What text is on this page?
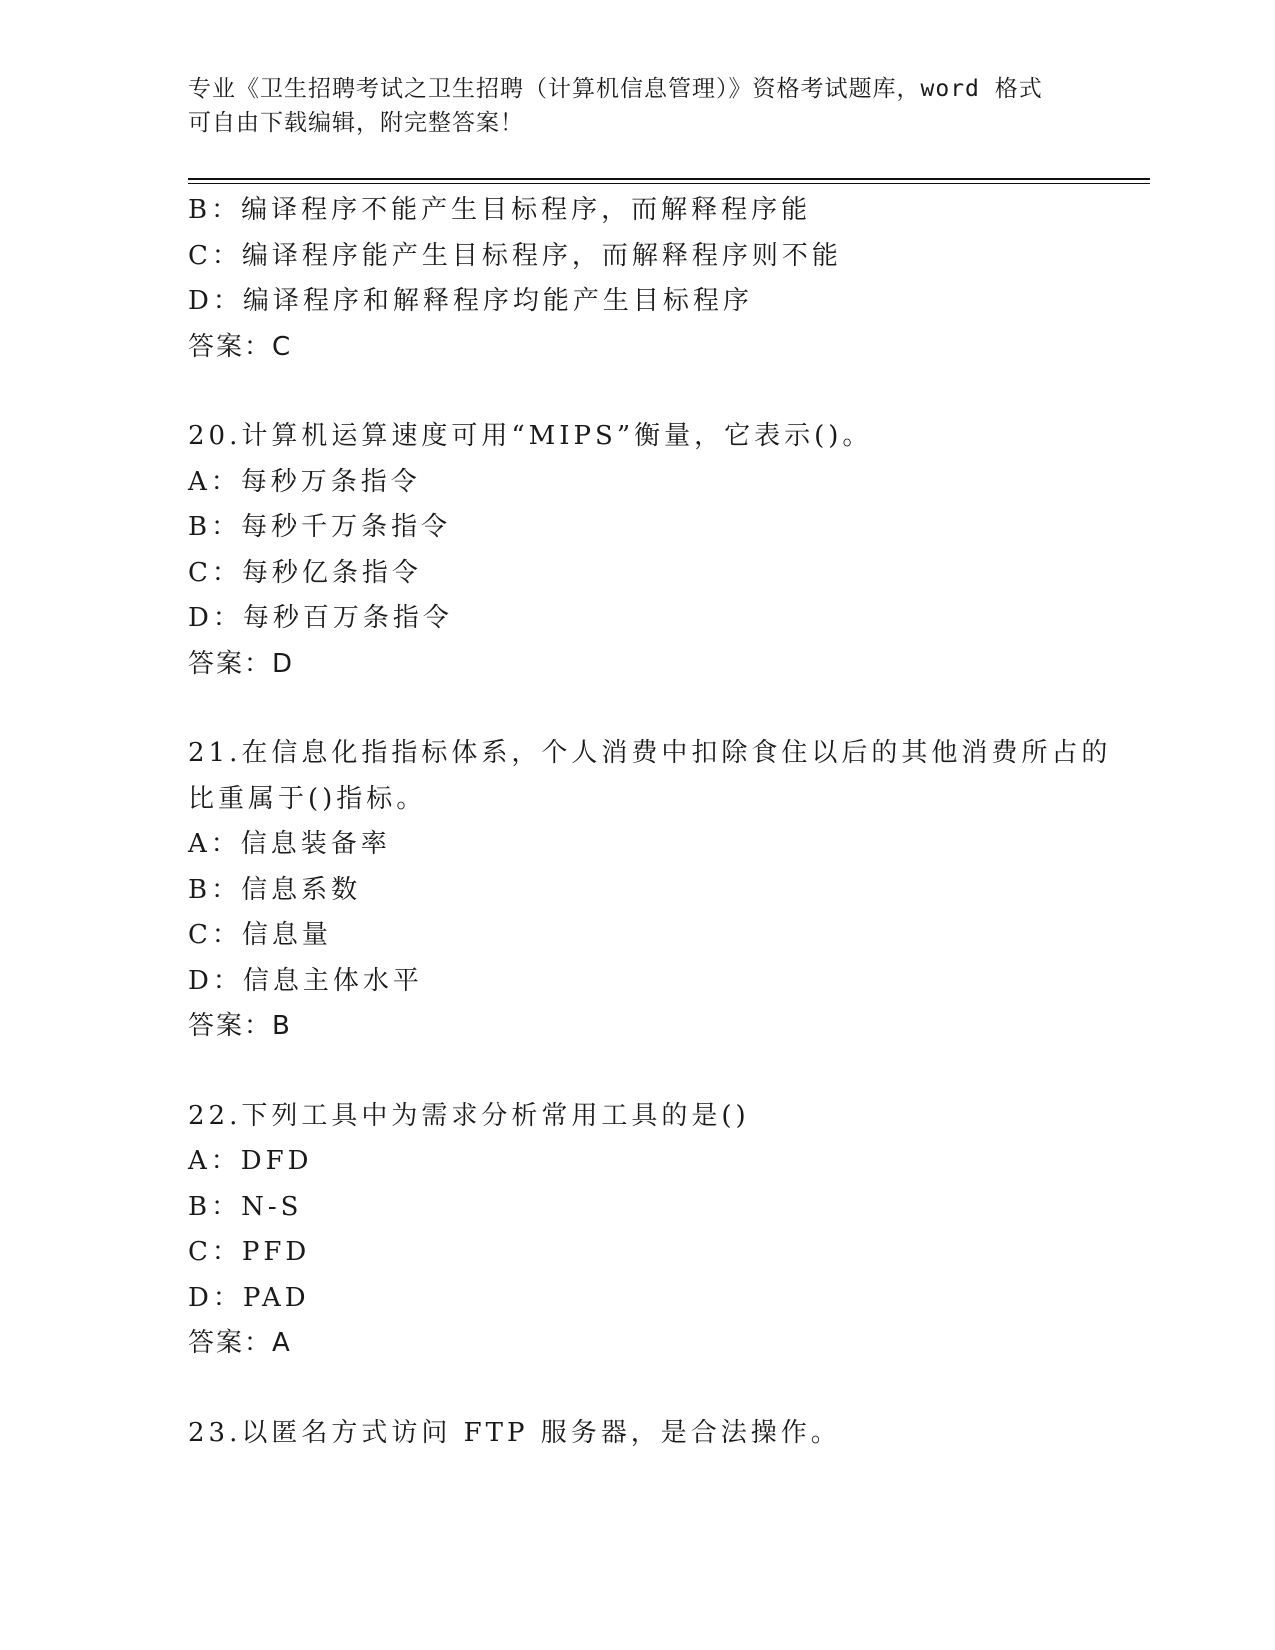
专业《卫生招聘考试之卫生招聘（计算机信息管理）》资格考试题库，word 格式
可自由下载编辑，附完整答案！
B：编译程序不能产生目标程序，而解释程序能
C：编译程序能产生目标程序，而解释程序则不能
D：编译程序和解释程序均能产生目标程序
答案：C
20.计算机运算速度可用“MIPS”衡量，它表示()。
A：每秒万条指令
B：每秒千万条指令
C：每秒亿条指令
D：每秒百万条指令
答案：D
21.在信息化指指标体系，个人消费中扣除食住以后的其他消费所占的
比重属于()指标。
A：信息装备率
B：信息系数
C：信息量
D：信息主体水平
答案：B
22.下列工具中为需求分析常用工具的是()
A：DFD
B：N-S
C：PFD
D：PAD
答案：A
23.以匿名方式访问 FTP 服务器，是合法操作。
